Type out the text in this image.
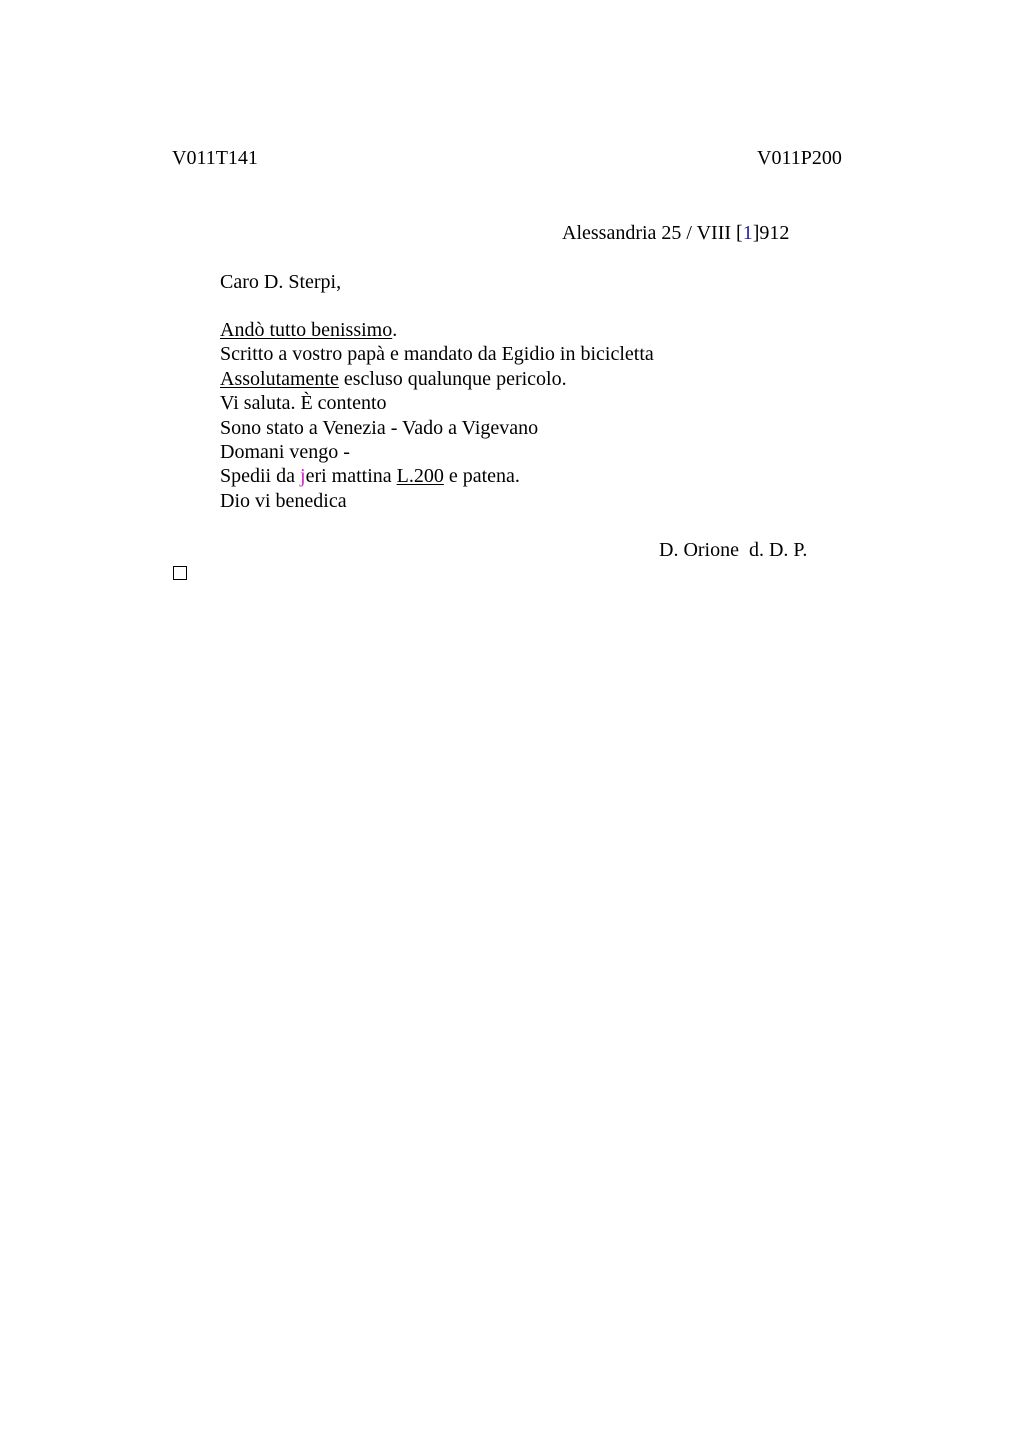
V011T141	V011P200
Alessandria 25 / VIII [1]912
Caro D. Sterpi,
Andò tutto benissimo.
Scritto a vostro papà e mandato da Egidio in bicicletta
Assolutamente escluso qualunque pericolo.
Vi saluta. È contento
Sono stato a Venezia - Vado a Vigevano
Domani vengo -
Spedii da jeri mattina L.200 e patena.
Dio vi benedica
D. Orione  d. D. P.
